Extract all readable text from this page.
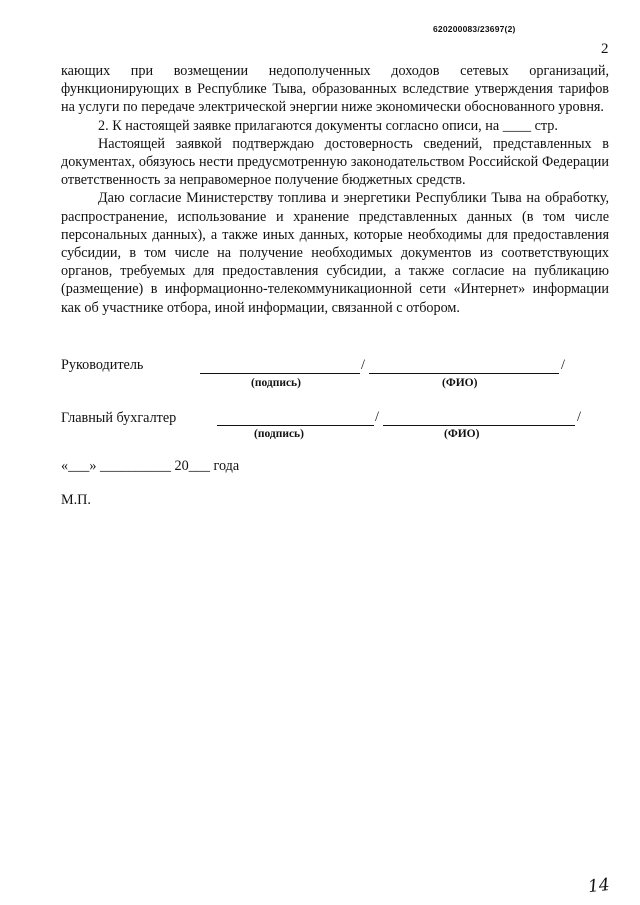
620200083/23697(2)
2

кающих при возмещении недополученных доходов сетевых организаций, функционирующих в Республике Тыва, образованных вследствие утверждения тарифов на услуги по передаче электрической энергии ниже экономически обоснованного уровня.

2. К настоящей заявке прилагаются документы согласно описи, на ____ стр.

Настоящей заявкой подтверждаю достоверность сведений, представленных в документах, обязуюсь нести предусмотренную законодательством Российской Федерации ответственность за неправомерное получение бюджетных средств.

Даю согласие Министерству топлива и энергетики Республики Тыва на обработку, распространение, использование и хранение представленных данных (в том числе персональных данных), а также иных данных, которые необходимы для предоставления субсидии, в том числе на получение необходимых документов из соответствующих органов, требуемых для предоставления субсидии, а также согласие на публикацию (размещение) в информационно-телекоммуникационной сети «Интернет» информации как об участнике отбора, иной информации, связанной с отбором.

Руководитель	/	/
(подпись)	(ФИО)
Главный бухгалтер	/	/
(подпись)	(ФИО)
«___» __________ 20___ года
М.П.
14
